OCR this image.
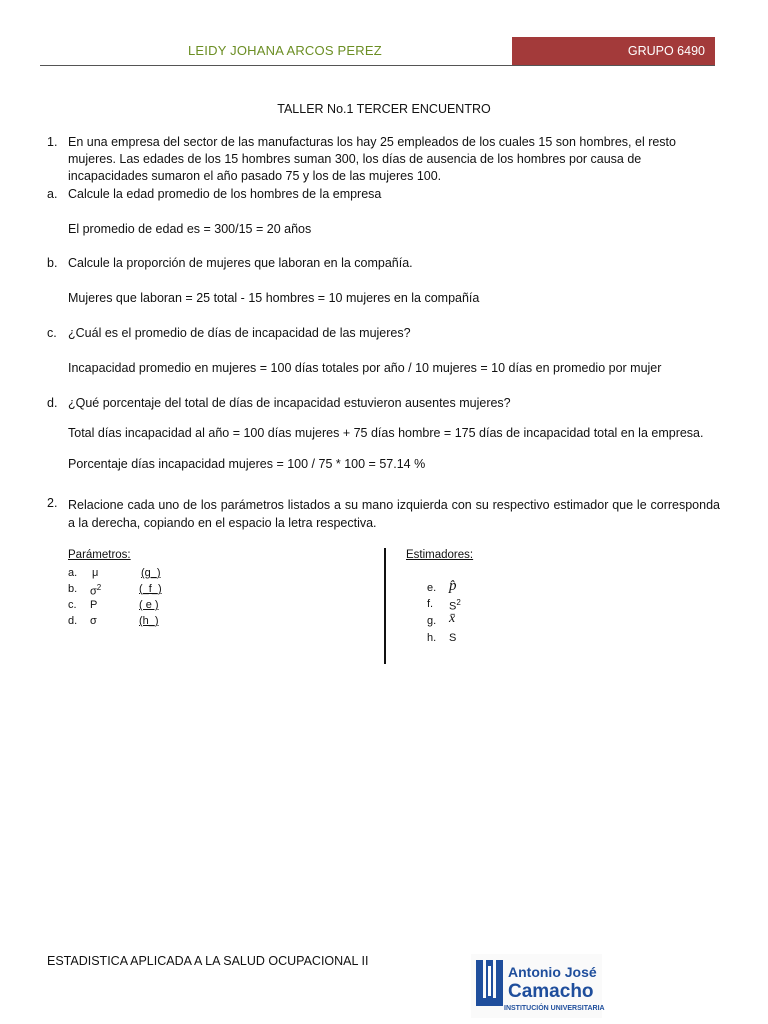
LEIDY JOHANA ARCOS PEREZ	GRUPO 6490
TALLER No.1 TERCER ENCUENTRO
1. En una empresa del sector de las manufacturas los hay 25 empleados de los cuales 15 son hombres, el resto
mujeres. Las edades de los 15 hombres suman 300, los días de ausencia de los hombres por causa de
incapacidades sumaron el año pasado 75 y los de las mujeres 100.
a. Calcule la edad promedio de los hombres de la empresa
El promedio de edad es = 300/15 = 20 años
b. Calcule la proporción de mujeres que laboran en la compañía.
Mujeres que laboran = 25 total - 15 hombres = 10 mujeres en la compañía
c. ¿Cuál es el promedio de días de incapacidad de las mujeres?
Incapacidad promedio en mujeres = 100 días totales por año / 10 mujeres = 10 días en promedio por mujer
d. ¿Qué porcentaje del total de días de incapacidad estuvieron ausentes mujeres?
Total días incapacidad al año = 100 días mujeres + 75 días hombre = 175 días de incapacidad total en la empresa.
Porcentaje días incapacidad mujeres = 100 / 75 * 100 = 57.14 %
2. Relacione cada uno de los parámetros listados a su mano izquierda con su respectivo estimador que le corresponda a la derecha, copiando en el espacio la letra respectiva.
Parámetros:
a. μ	(g_)
b. $\sigma^2$	(_f_)
c. P	( e )
d. σ	(h_)
Estimadores:
e. p̂
f. $S^2$
g. x̄
h. S
ESTADISTICA APLICADA A LA SALUD OCUPACIONAL II
Antonio José
Camacho
INSTITUCIÓN UNIVERSITARIA
